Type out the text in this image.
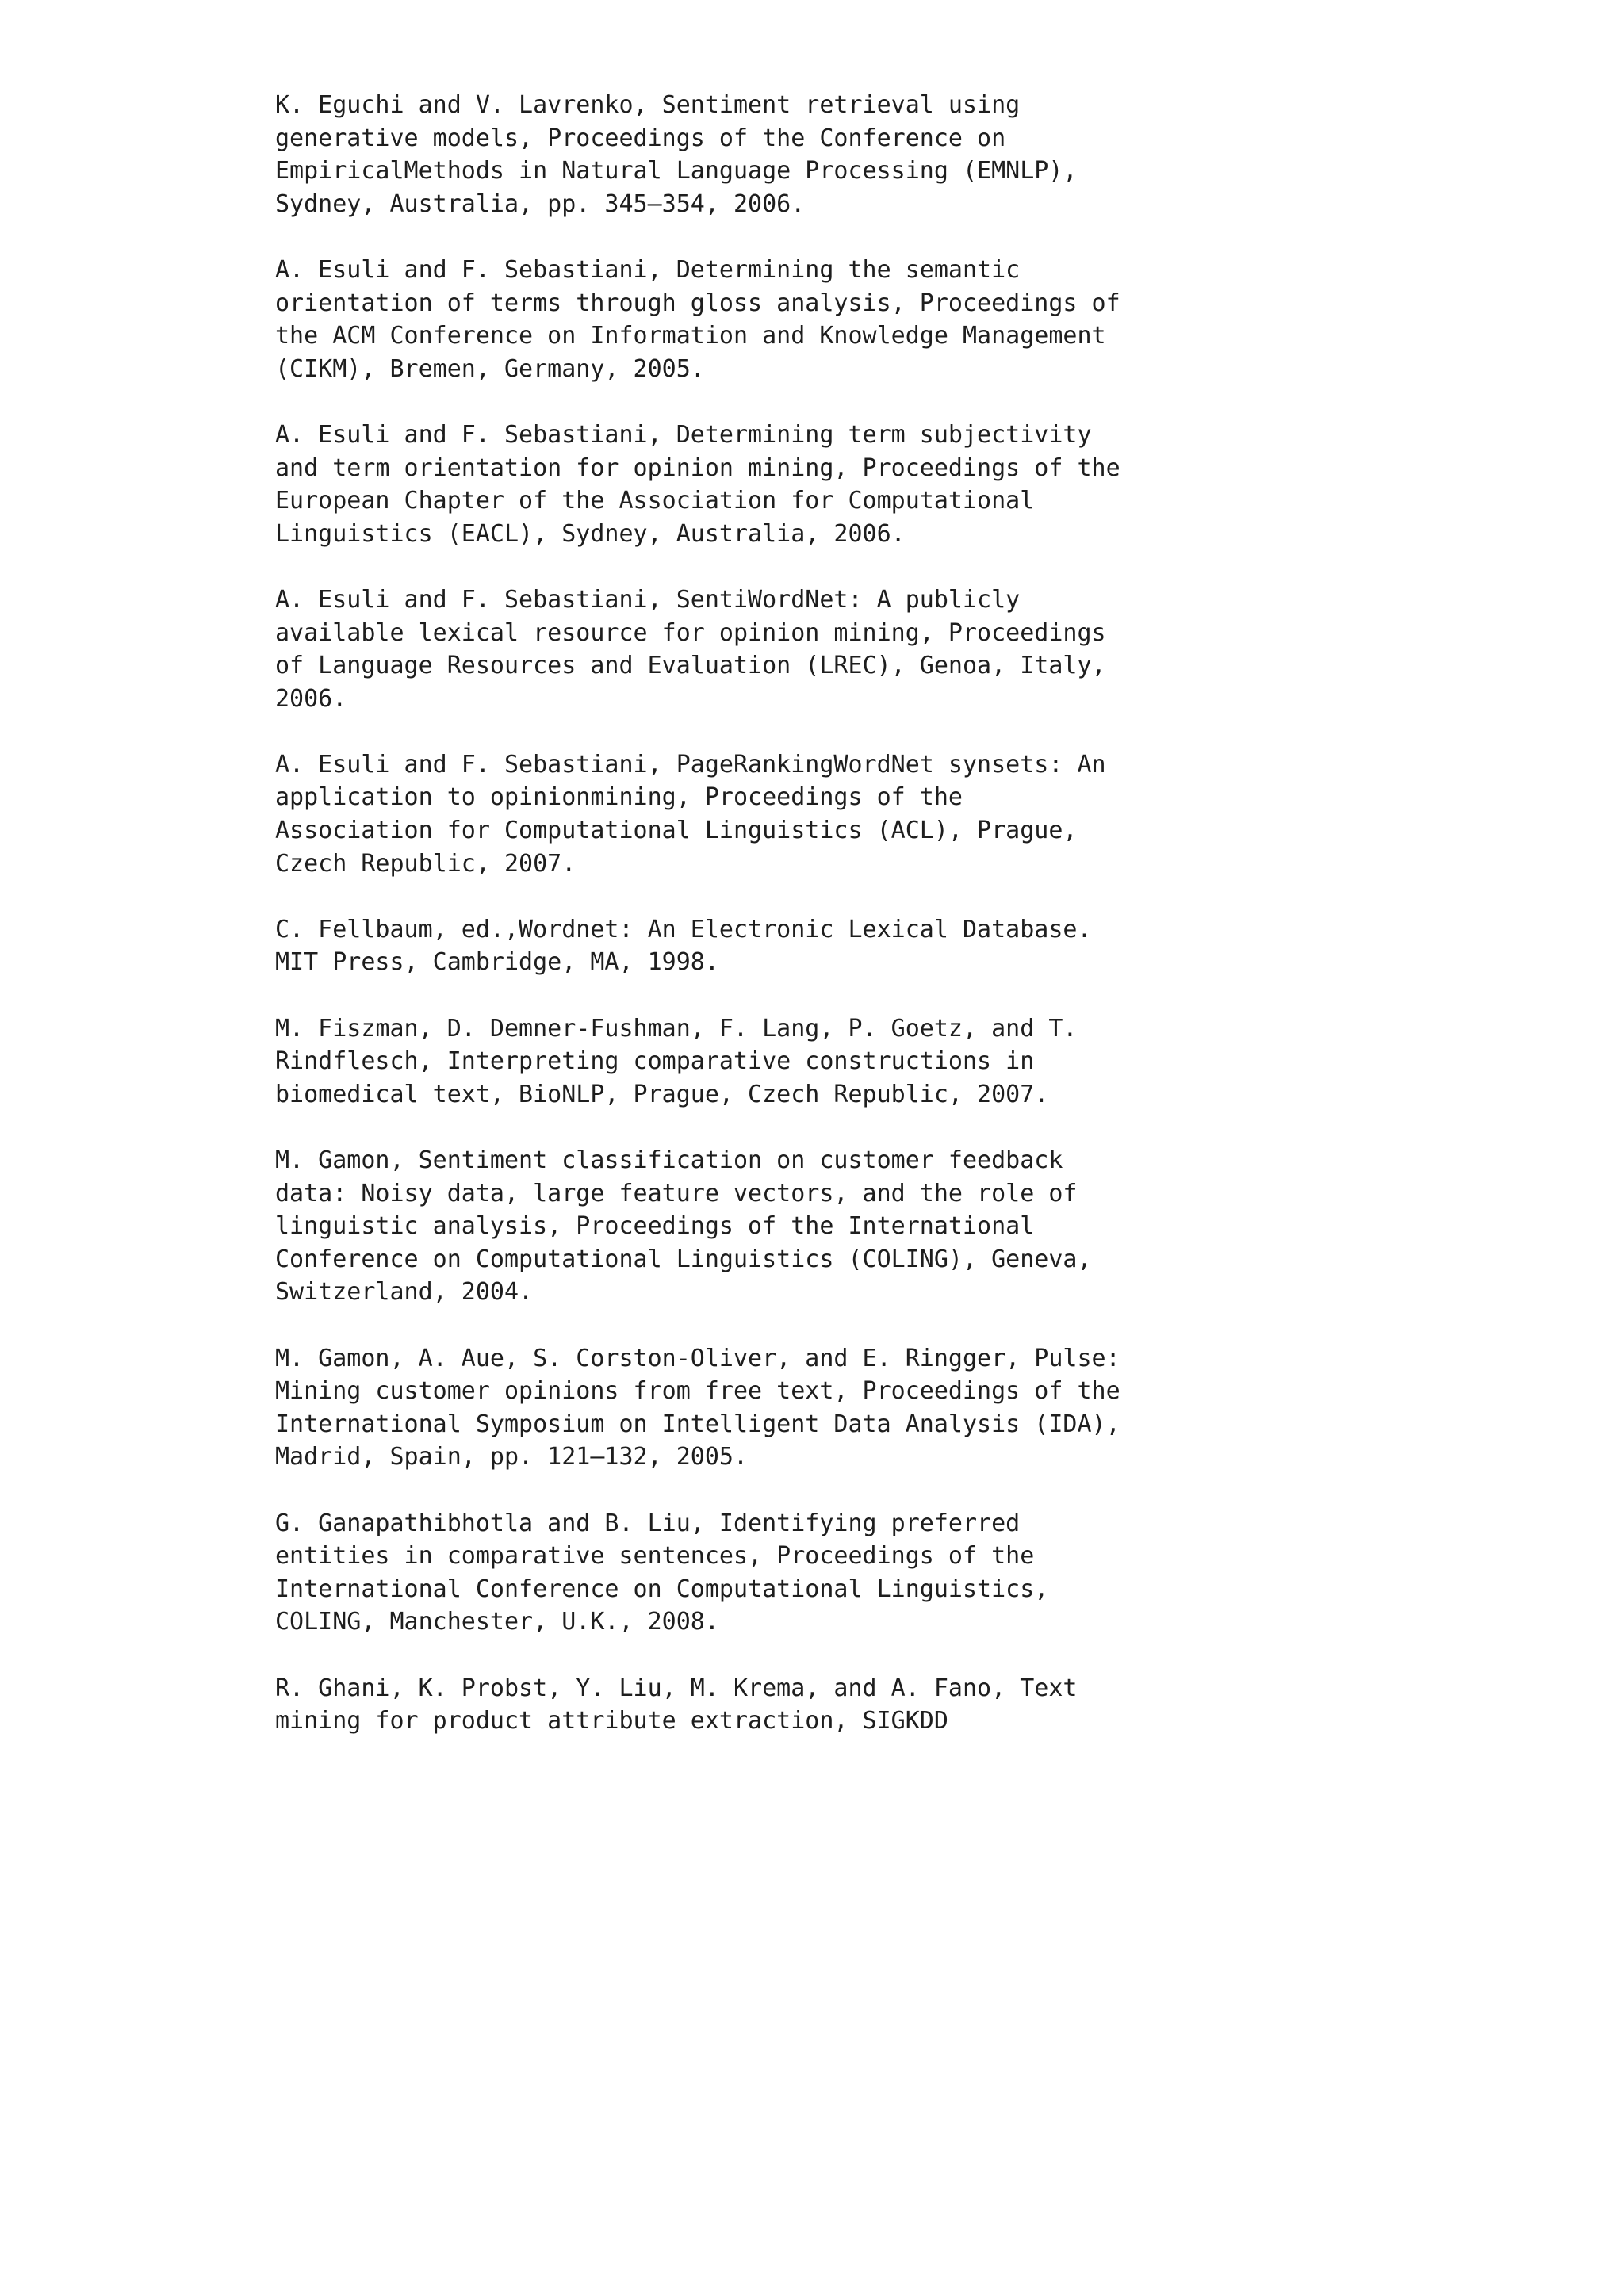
K. Eguchi and V. Lavrenko, Sentiment retrieval using
generative models, Proceedings of the Conference on
EmpiricalMethods in Natural Language Processing (EMNLP),
Sydney, Australia, pp. 345–354, 2006.
A. Esuli and F. Sebastiani, Determining the semantic
orientation of terms through gloss analysis, Proceedings of
the ACM Conference on Information and Knowledge Management
(CIKM), Bremen, Germany, 2005.
A. Esuli and F. Sebastiani, Determining term subjectivity
and term orientation for opinion mining, Proceedings of the
European Chapter of the Association for Computational
Linguistics (EACL), Sydney, Australia, 2006.
A. Esuli and F. Sebastiani, SentiWordNet: A publicly
available lexical resource for opinion mining, Proceedings
of Language Resources and Evaluation (LREC), Genoa, Italy,
2006.
A. Esuli and F. Sebastiani, PageRankingWordNet synsets: An
application to opinionmining, Proceedings of the
Association for Computational Linguistics (ACL), Prague,
Czech Republic, 2007.
C. Fellbaum, ed.,Wordnet: An Electronic Lexical Database.
MIT Press, Cambridge, MA, 1998.
M. Fiszman, D. Demner-Fushman, F. Lang, P. Goetz, and T.
Rindflesch, Interpreting comparative constructions in
biomedical text, BioNLP, Prague, Czech Republic, 2007.
M. Gamon, Sentiment classification on customer feedback
data: Noisy data, large feature vectors, and the role of
linguistic analysis, Proceedings of the International
Conference on Computational Linguistics (COLING), Geneva,
Switzerland, 2004.
M. Gamon, A. Aue, S. Corston-Oliver, and E. Ringger, Pulse:
Mining customer opinions from free text, Proceedings of the
International Symposium on Intelligent Data Analysis (IDA),
Madrid, Spain, pp. 121–132, 2005.
G. Ganapathibhotla and B. Liu, Identifying preferred
entities in comparative sentences, Proceedings of the
International Conference on Computational Linguistics,
COLING, Manchester, U.K., 2008.
R. Ghani, K. Probst, Y. Liu, M. Krema, and A. Fano, Text
mining for product attribute extraction, SIGKDD
